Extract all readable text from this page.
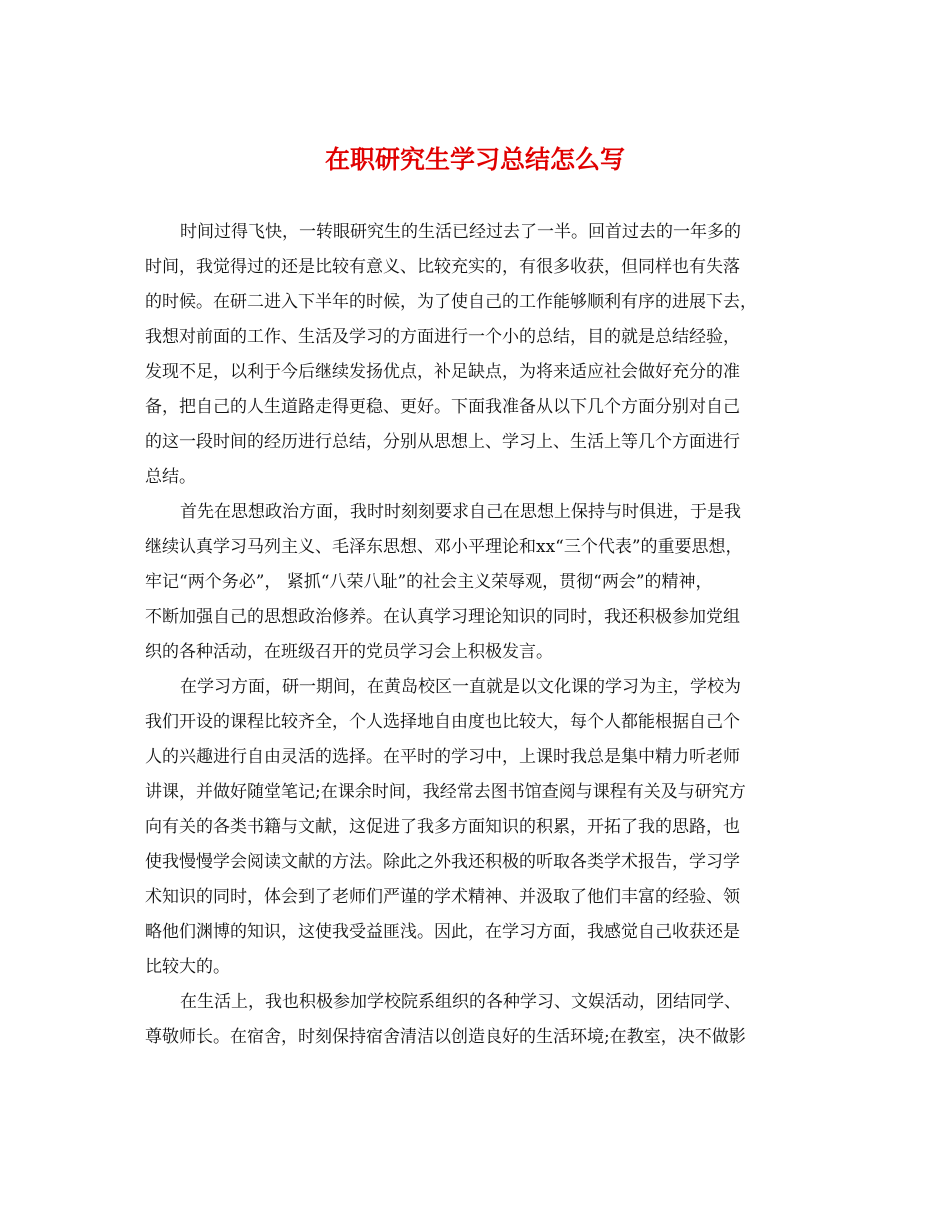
在职研究生学习总结怎么写
时间过得飞快，一转眼研究生的生活已经过去了一半。回首过去的一年多的
时间，我觉得过的还是比较有意义、比较充实的，有很多收获，但同样也有失落
的时候。在研二进入下半年的时候，为了使自己的工作能够顺利有序的进展下去，
我想对前面的工作、生活及学习的方面进行一个小的总结，目的就是总结经验，
发现不足，以利于今后继续发扬优点，补足缺点，为将来适应社会做好充分的准
备，把自己的人生道路走得更稳、更好。下面我准备从以下几个方面分别对自己
的这一段时间的经历进行总结，分别从思想上、学习上、生活上等几个方面进行
总结。
首先在思想政治方面，我时时刻刻要求自己在思想上保持与时俱进，于是我
继续认真学习马列主义、毛泽东思想、邓小平理论和xx“三个代表”的重要思想，
牢记“两个务必”， 紧抓“八荣八耻”的社会主义荣辱观，贯彻“两会”的精神，
不断加强自己的思想政治修养。在认真学习理论知识的同时，我还积极参加党组
织的各种活动，在班级召开的党员学习会上积极发言。
在学习方面，研一期间，在黄岛校区一直就是以文化课的学习为主，学校为
我们开设的课程比较齐全，个人选择地自由度也比较大，每个人都能根据自己个
人的兴趣进行自由灵活的选择。在平时的学习中，上课时我总是集中精力听老师
讲课，并做好随堂笔记;在课余时间，我经常去图书馆查阅与课程有关及与研究方
向有关的各类书籍与文献，这促进了我多方面知识的积累，开拓了我的思路，也
使我慢慢学会阅读文献的方法。除此之外我还积极的听取各类学术报告，学习学
术知识的同时，体会到了老师们严谨的学术精神、并汲取了他们丰富的经验、领
略他们渊博的知识，这使我受益匪浅。因此，在学习方面，我感觉自己收获还是
比较大的。
在生活上，我也积极参加学校院系组织的各种学习、文娱活动，团结同学、
尊敬师长。在宿舍，时刻保持宿舍清洁以创造良好的生活环境;在教室，决不做影
